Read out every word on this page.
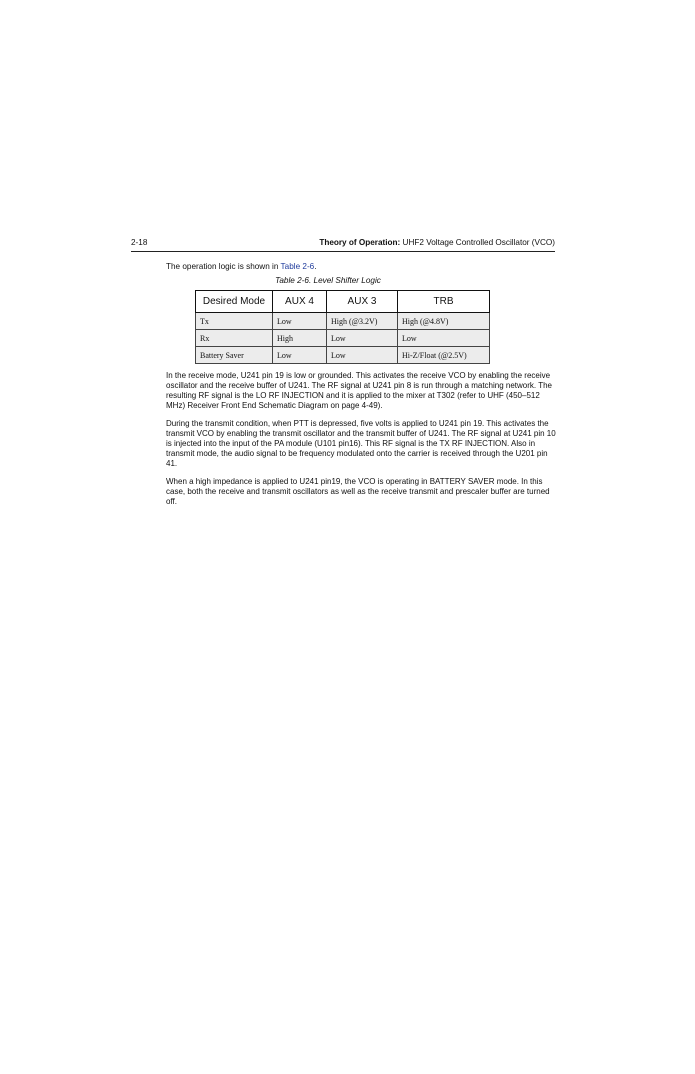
2-18	Theory of Operation: UHF2 Voltage Controlled Oscillator (VCO)
The operation logic is shown in Table 2-6.
Table 2-6. Level Shifter Logic
Desired Mode	AUX 4	AUX 3	TRB
Tx	Low	High (@3.2V)	High (@4.8V)
Rx	High	Low	Low
Battery Saver	Low	Low	Hi-Z/Float (@2.5V)

In the receive mode, U241 pin 19 is low or grounded. This activates the receive VCO by enabling the receive oscillator and the receive buffer of U241. The RF signal at U241 pin 8 is run through a matching network. The resulting RF signal is the LO RF INJECTION and it is applied to the mixer at T302 (refer to UHF (450–512 MHz) Receiver Front End Schematic Diagram on page 4-49).

During the transmit condition, when PTT is depressed, five volts is applied to U241 pin 19. This activates the transmit VCO by enabling the transmit oscillator and the transmit buffer of U241. The RF signal at U241 pin 10 is injected into the input of the PA module (U101 pin16). This RF signal is the TX RF INJECTION. Also in transmit mode, the audio signal to be frequency modulated onto the carrier is received through the U201 pin 41.

When a high impedance is applied to U241 pin19, the VCO is operating in BATTERY SAVER mode. In this case, both the receive and transmit oscillators as well as the receive transmit and prescaler buffer are turned off.
